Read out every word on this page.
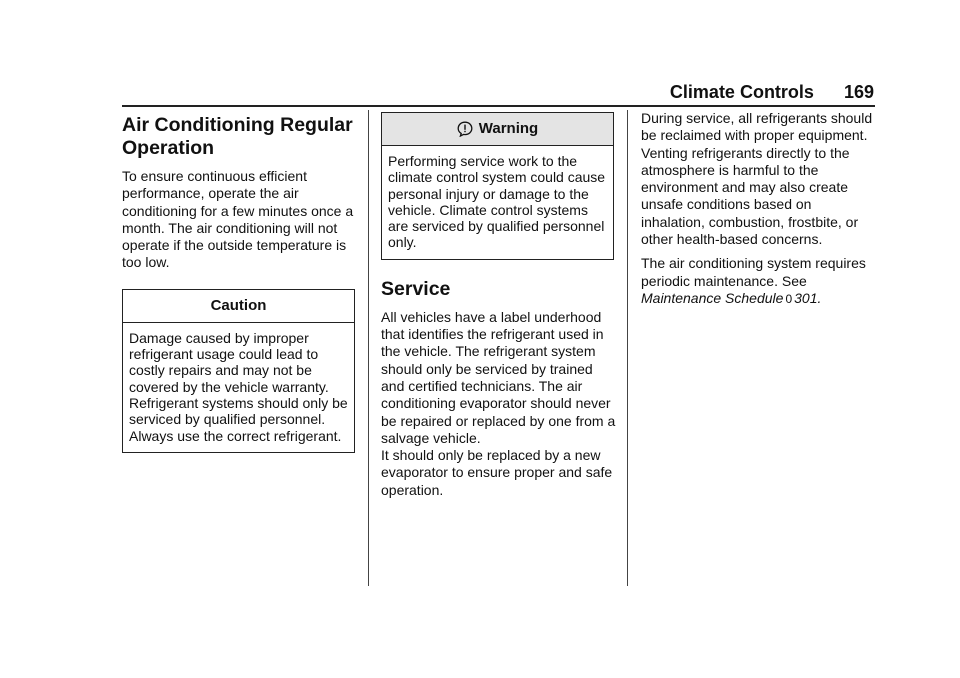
Climate Controls 169
Air Conditioning Regular
Operation

To ensure continuous efficient performance, operate the air conditioning for a few minutes once a month. The air conditioning will not operate if the outside temperature is too low.

Caution
Damage caused by improper refrigerant usage could lead to costly repairs and may not be covered by the vehicle warranty. Refrigerant systems should only be serviced by qualified personnel. Always use the correct refrigerant.
Warning
Performing service work to the climate control system could cause personal injury or damage to the vehicle. Climate control systems are serviced by qualified personnel only.
Service

All vehicles have a label underhood that identifies the refrigerant used in the vehicle. The refrigerant system should only be serviced by trained and certified technicians. The air conditioning evaporator should never be repaired or replaced by one from a salvage vehicle.

It should only be replaced by a new evaporator to ensure proper and safe operation.

During service, all refrigerants should be reclaimed with proper equipment. Venting refrigerants directly to the atmosphere is harmful to the environment and may also create unsafe conditions based on inhalation, combustion, frostbite, or other health-based concerns.

The air conditioning system requires periodic maintenance. See
Maintenance Schedule 0 301.
